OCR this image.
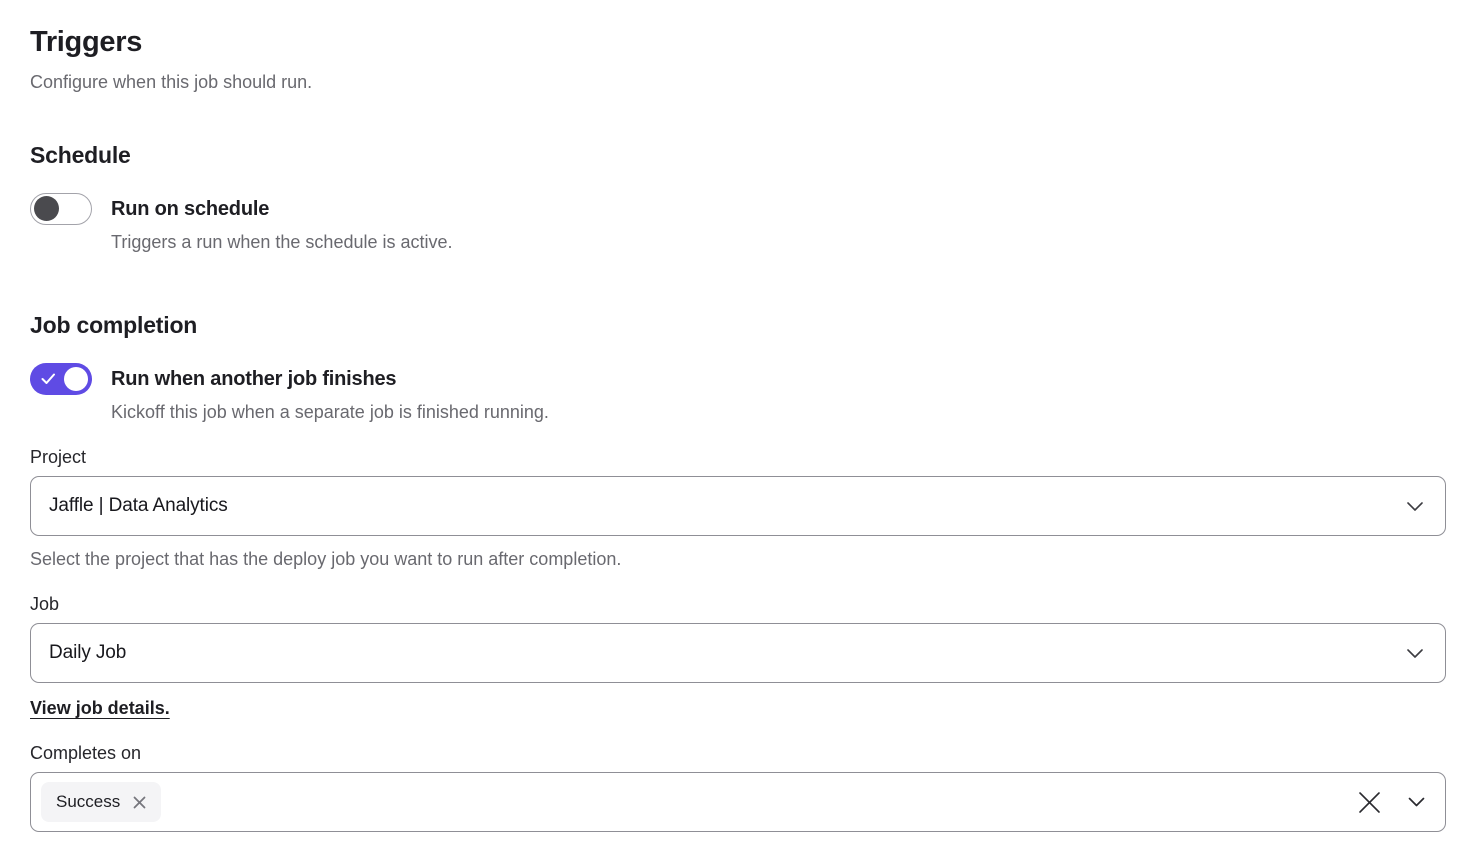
Triggers

Configure when this job should run.

Schedule
Run on schedule
Triggers a run when the schedule is active.
Job completion
Run when another job finishes
Kickoff this job when a separate job is finished running.
Project
Jaffle | Data Analytics

Select the project that has the deploy job you want to run after completion.

Job
Daily Job
View job details.
Completes on
Success
